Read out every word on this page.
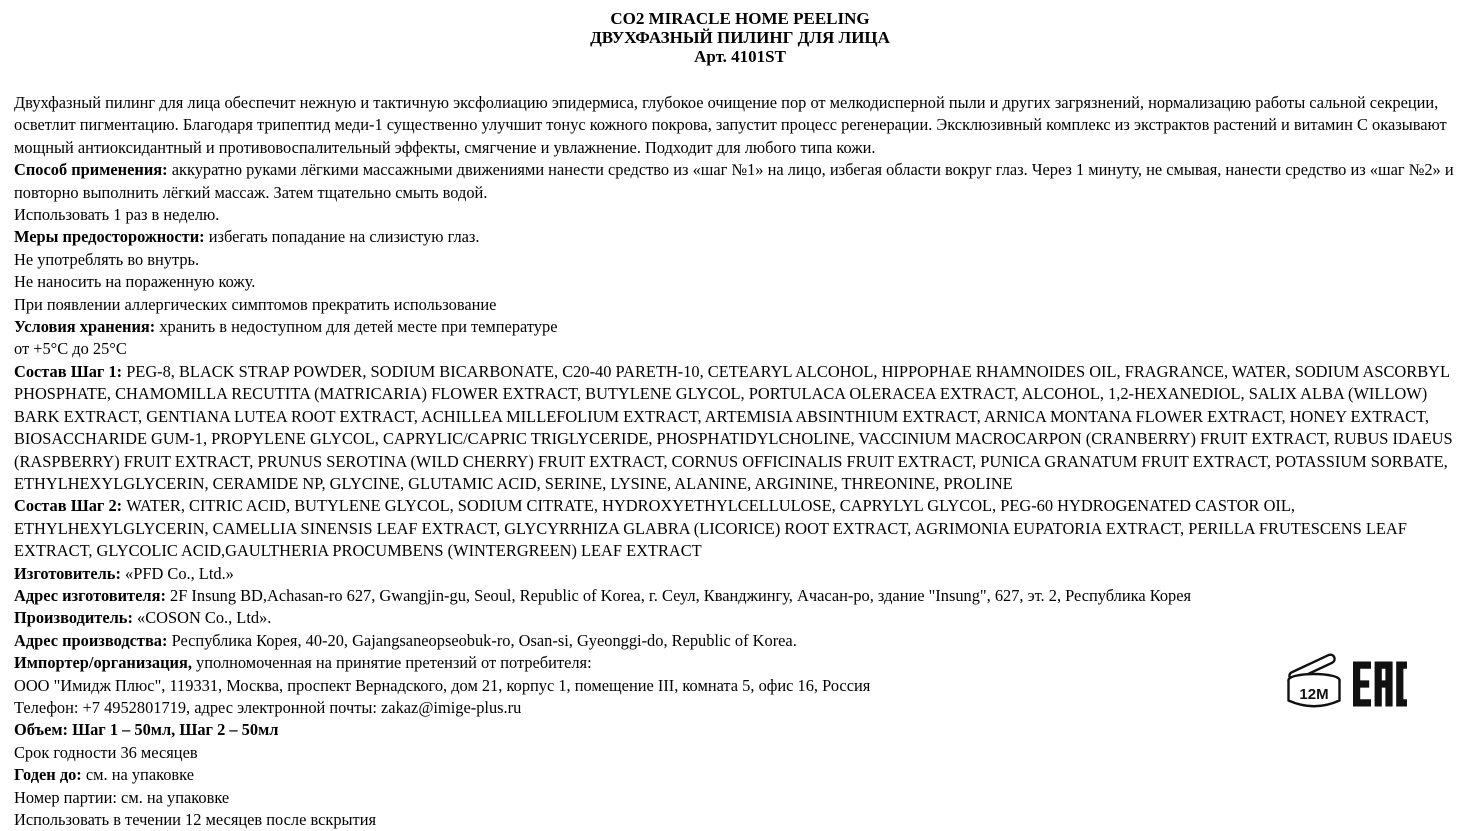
CO2 MIRACLE HOME PEELING
ДВУХФАЗНЫЙ ПИЛИНГ ДЛЯ ЛИЦА
Арт. 4101ST

Двухфазный пилинг для лица обеспечит нежную и тактичную эксфолиацию эпидермиса, глубокое очищение пор от мелкодисперной пыли и других загрязнений, нормализацию работы сальной секреции, осветлит пигментацию. Благодаря трипептид меди-1 существенно улучшит тонус кожного покрова, запустит процесс регенерации. Эксклюзивный комплекс из экстрактов растений и витамин С оказывают мощный антиоксидантный и противовоспалительный эффекты, смягчение и увлажнение. Подходит для любого типа кожи.

Способ применения: аккуратно руками лёгкими массажными движениями нанести средство из «шаг №1» на лицо, избегая области вокруг глаз. Через 1 минуту, не смывая, нанести средство из «шаг №2» и повторно выполнить лёгкий массаж. Затем тщательно смыть водой.

Использовать 1 раз в неделю.

Меры предосторожности: избегать попадание на слизистую глаз.

Не употреблять во внутрь.

Не наносить на пораженную кожу.

При появлении аллергических симптомов прекратить использование

Условия хранения: хранить в недоступном для детей месте при температуре

от +5°С до 25°С

Состав Шаг 1: PEG-8, BLACK STRAP POWDER, SODIUM BICARBONATE, C20-40 PARETH-10, CETEARYL ALCOHOL, HIPPOPHAE RHAMNOIDES OIL, FRAGRANCE, WATER, SODIUM ASCORBYL PHOSPHATE, CHAMOMILLA RECUTITA (MATRICARIA) FLOWER EXTRACT, BUTYLENE GLYCOL, PORTULACA OLERACEA EXTRACT, ALCOHOL, 1,2-HEXANEDIOL, SALIX ALBA (WILLOW) BARK EXTRACT, GENTIANA LUTEA ROOT EXTRACT, ACHILLEA MILLEFOLIUM EXTRACT, ARTEMISIA ABSINTHIUM EXTRACT, ARNICA MONTANA FLOWER EXTRACT, HONEY EXTRACT, BIOSACCHARIDE GUM-1, PROPYLENE GLYCOL, CAPRYLIC/CAPRIC TRIGLYCERIDE, PHOSPHATIDYLCHOLINE, VACCINIUM MACROCARPON (CRANBERRY) FRUIT EXTRACT, RUBUS IDAEUS (RASPBERRY) FRUIT EXTRACT, PRUNUS SEROTINA (WILD CHERRY) FRUIT EXTRACT, CORNUS OFFICINALIS FRUIT EXTRACT, PUNICA GRANATUM FRUIT EXTRACT, POTASSIUM SORBATE, ETHYLHEXYLGLYCERIN, CERAMIDE NP, GLYCINE, GLUTAMIC ACID, SERINE, LYSINE, ALANINE, ARGININE, THREONINE, PROLINE

Состав Шаг 2: WATER, CITRIC ACID, BUTYLENE GLYCOL, SODIUM CITRATE, HYDROXYETHYLCELLULOSE, CAPRYLYL GLYCOL, PEG-60 HYDROGENATED CASTOR OIL, ETHYLHEXYLGLYCERIN, CAMELLIA SINENSIS LEAF EXTRACT, GLYCYRRHIZA GLABRA (LICORICE) ROOT EXTRACT, AGRIMONIA EUPATORIA EXTRACT, PERILLA FRUTESCENS LEAF EXTRACT, GLYCOLIC ACID,GAULTHERIA PROCUMBENS (WINTERGREEN) LEAF EXTRACT

Изготовитель: «PFD Co., Ltd.»

Адрес изготовителя: 2F Insung BD,Achasan-ro 627, Gwangjin-gu, Seoul, Republic of Korea, г. Сеул, Кванджингу, Ачасан-ро, здание "Insung", 627, эт. 2, Республика Корея

Производитель: «COSON Co., Ltd».

Адрес производства: Республика Корея, 40-20, Gajangsaneopseobuk-ro, Osan-si, Gyeonggi-do, Republic of Korea.

Импортер/организация, уполномоченная на принятие претензий от потребителя:

ООО "Имидж Плюс", 119331, Москва, проспект Вернадского, дом 21, корпус 1, помещение III, комната 5, офис 16, Россия

Телефон: +7 4952801719, адрес электронной почты: zakaz@imige-plus.ru

Объем: Шаг 1 – 50мл, Шаг 2 – 50мл

Срок годности 36 месяцев

Годен до: см. на упаковке

Номер партии: см. на упаковке

Использовать в течении 12 месяцев после вскрытия

12M
